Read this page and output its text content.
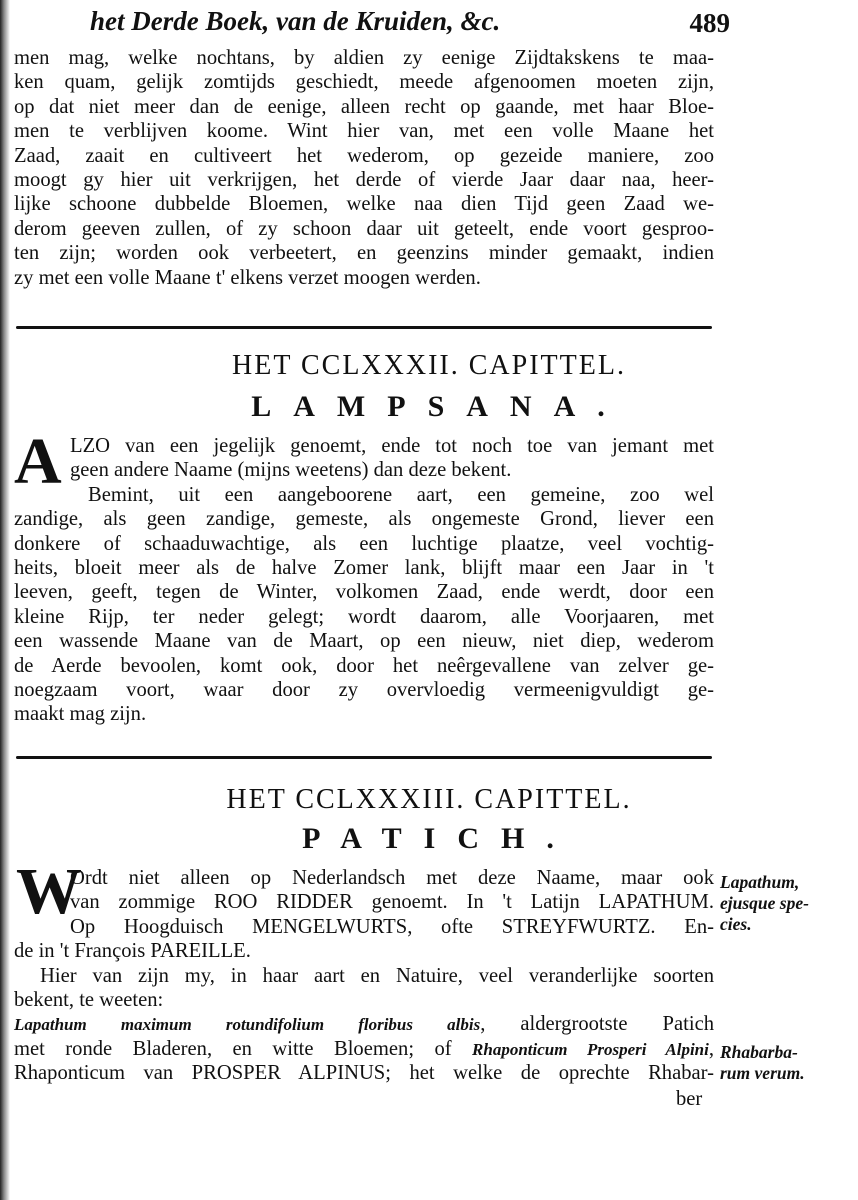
het Derde Boek, van de Kruiden, &c.	489
men mag, welke nochtans, by aldien zy eenige Zijdtakskens te maa-
ken quam, gelijk zomtijds geschiedt, meede afgenoomen moeten zijn,
op dat niet meer dan de eenige, alleen recht op gaande, met haar Bloe-
men te verblijven koome. Wint hier van, met een volle Maane het
Zaad, zaait en cultiveert het wederom, op gezeide maniere, zoo
moogt gy hier uit verkrijgen, het derde of vierde Jaar daar naa, heer-
lijke schoone dubbelde Bloemen, welke naa dien Tijd geen Zaad we-
derom geeven zullen, of zy schoon daar uit geteelt, ende voort gesproo-
ten zijn; worden ook verbeetert, en geenzins minder gemaakt, indien
zy met een volle Maane t' elkens verzet moogen werden.
HET CCLXXXII. CAPITTEL.
LAMPSANA.
A LZO van een jegelijk genoemt, ende tot noch toe van jemant met
geen andere Naame (mijns weetens) dan deze bekent.
Bemint, uit een aangeboorene aart, een gemeine, zoo wel
zandige, als geen zandige, gemeste, als ongemeste Grond, liever een
donkere of schaaduwachtige, als een luchtige plaatze, veel vochtig-
heits, bloeit meer als de halve Zomer lank, blijft maar een Jaar in 't
leeven, geeft, tegen de Winter, volkomen Zaad, ende werdt, door een
kleine Rijp, ter neder gelegt; wordt daarom, alle Voorjaaren, met
een wassende Maane van de Maart, op een nieuw, niet diep, wederom
de Aerde bevoolen, komt ook, door het neêrgevallene van zelver ge-
noegzaam voort, waar door zy overvloedig vermeenigvuldigt ge-
maakt mag zijn.
HET CCLXXXIII. CAPITTEL.
PATICH.
W
Ordt niet alleen op Nederlandsch met deze Naame, maar ook
van zommige ROO RIDDER genoemt. In 't Latijn LAPATHUM.
Op Hoogduisch MENGELWURTS, ofte STREYFWURTZ. En-
de in 't François PAREILLE.
Hier van zijn my, in haar aart en Natuire, veel veranderlijke soorten
bekent, te weeten:
Lapathum maximum rotundifolium floribus albis, aldergrootste Patich
met ronde Bladeren, en witte Bloemen; of Rhaponticum Prosperi Alpini,
Rhaponticum van PROSPER ALPINUS; het welke de oprechte Rhabar-
ber
Lapathum,
ejusque spe-
cies.
Rhabarba-
rum verum.
